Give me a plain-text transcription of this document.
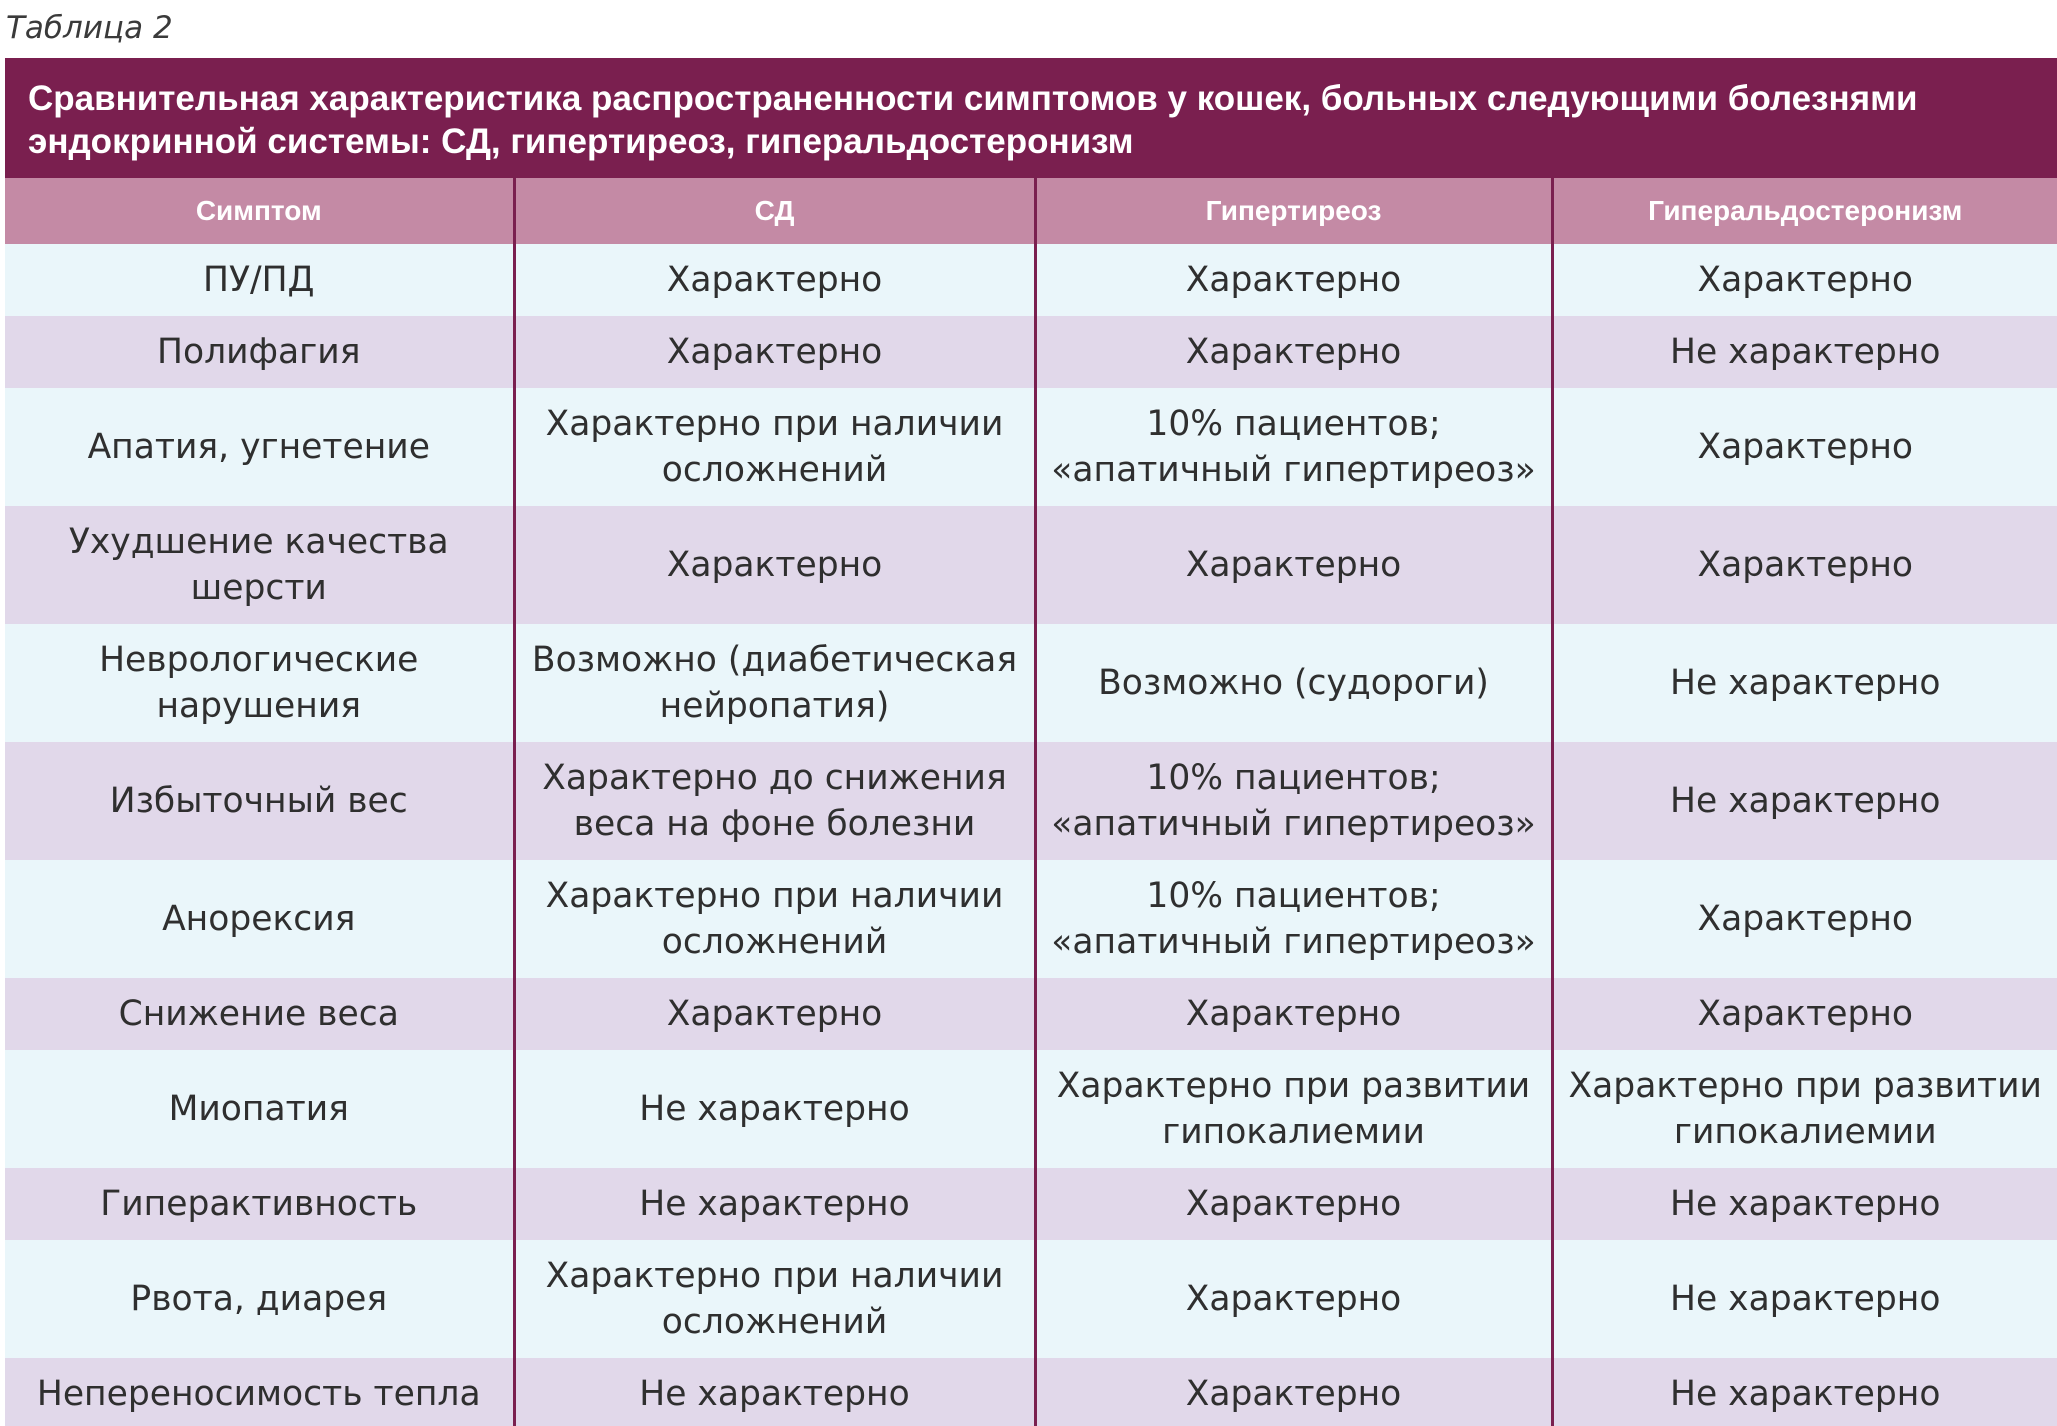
Таблица 2

Сравнительная характеристика распространенности симптомов у кошек, больных следующими болезнями эндокринной системы: СД, гипертиреоз, гиперальдостеронизм

Симптом	СД	Гипертиреоз	Гиперальдостеронизм
ПУ/ПД	Характерно	Характерно	Характерно
Полифагия	Характерно	Характерно	Не характерно
Апатия, угнетение	Характерно при наличии осложнений	10% пациентов; «апатичный гипертиреоз»	Характерно
Ухудшение качества шерсти	Характерно	Характерно	Характерно
Неврологические нарушения	Возможно (диабетическая нейропатия)	Возможно (судороги)	Не характерно
Избыточный вес	Характерно до снижения веса на фоне болезни	10% пациентов; «апатичный гипертиреоз»	Не характерно
Анорексия	Характерно при наличии осложнений	10% пациентов; «апатичный гипертиреоз»	Характерно
Снижение веса	Характерно	Характерно	Характерно
Миопатия	Не характерно	Характерно при развитии гипокалиемии	Характерно при развитии гипокалиемии
Гиперактивность	Не характерно	Характерно	Не характерно
Рвота, диарея	Характерно при наличии осложнений	Характерно	Не характерно
Непереносимость тепла	Не характерно	Характерно	Не характерно
